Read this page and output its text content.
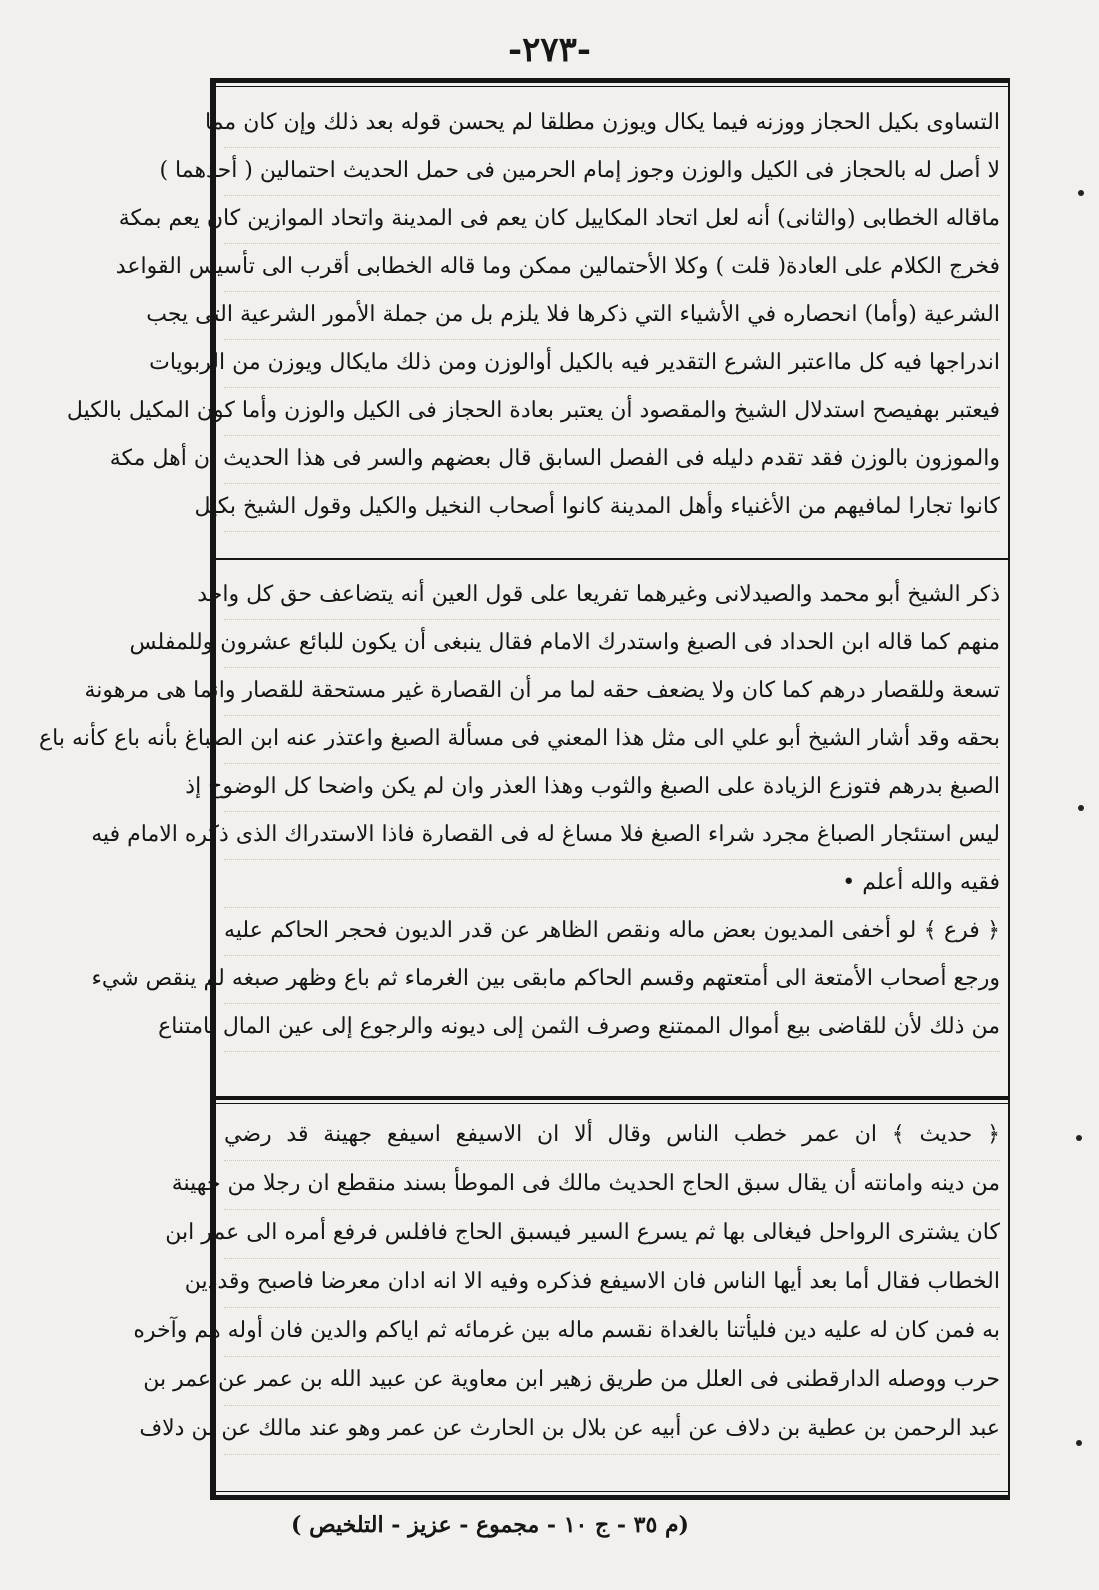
-٢٧٣-
التساوى بكيل الحجاز ووزنه فيما يكال ويوزن مطلقا لم يحسن قوله بعد ذلك وإن كان مما
لا أصل له بالحجاز فى الكيل والوزن وجوز إمام الحرمين فى حمل الحديث احتمالين ( أحدهما )
ماقاله الخطابى (والثانى) أنه لعل اتحاد المكاييل كان يعم فى المدينة واتحاد الموازين كان يعم بمكة
فخرج الكلام على العادة( قلت ) وكلا الأحتمالين ممكن وما قاله الخطابى أقرب الى تأسيس القواعد
الشرعية (وأما) انحصاره في الأشياء التي ذكرها فلا يلزم بل من جملة الأمور الشرعية التى يجب
اندراجها فيه كل مااعتبر الشرع التقدير فيه بالكيل أوالوزن ومن ذلك مايكال ويوزن من الربويات
فيعتبر بهفيصح استدلال الشيخ والمقصود أن يعتبر بعادة الحجاز فى الكيل والوزن وأما كون المكيل بالكيل
والموزون بالوزن فقد تقدم دليله فى الفصل السابق قال بعضهم والسر فى هذا الحديث أن أهل مكة
كانوا تجارا لمافيهم من الأغنياء وأهل المدينة كانوا أصحاب النخيل والكيل وقول الشيخ بكيل
ذكر الشيخ أبو محمد والصيدلانى وغيرهما تفريعا على قول العين أنه يتضاعف حق كل واحد
منهم كما قاله ابن الحداد فى الصبغ واستدرك الامام فقال ينبغى أن يكون للبائع عشرون وللمفلس
تسعة وللقصار درهم كما كان ولا يضعف حقه لما مر أن القصارة غير مستحقة للقصار وانما هى مرهونة
بحقه وقد أشار الشيخ أبو علي الى مثل هذا المعني فى مسألة الصبغ واعتذر عنه ابن الصباغ بأنه باع كأنه باع
الصبغ بدرهم فتوزع الزيادة على الصبغ والثوب وهذا العذر وان لم يكن واضحا كل الوضوح إذ
ليس استئجار الصباغ مجرد شراء الصبغ فلا مساغ له فى القصارة فاذا الاستدراك الذى ذكره الامام فيه
فقيه والله أعلم •
﴿ فرع ﴾ لو أخفى المديون بعض ماله ونقص الظاهر عن قدر الديون فحجر الحاكم عليه
ورجع أصحاب الأمتعة الى أمتعتهم وقسم الحاكم مابقى بين الغرماء ثم باع وظهر صبغه لم ينقص شيء
من ذلك لأن للقاضى بيع أموال الممتنع وصرف الثمن إلى ديونه والرجوع إلى عين المال بامتناع
﴿ حديث ﴾ ان عمر خطب الناس وقال ألا ان الاسيفع اسيفع جهينة قد رضي
من دينه وامانته أن يقال سبق الحاج الحديث مالك فى الموطأ بسند منقطع ان رجلا من جهينة
كان يشترى الرواحل فيغالى بها ثم يسرع السير فيسبق الحاج فافلس فرفع أمره الى عمر ابن
الخطاب فقال أما بعد أيها الناس فان الاسيفع فذكره وفيه الا انه ادان معرضا فاصبح وقددين
به فمن كان له عليه دين فليأتنا بالغداة نقسم ماله بين غرمائه ثم اياكم والدين فان أوله هم وآخره
حرب ووصله الدارقطنى فى العلل من طريق زهير ابن معاوية عن عبيد الله بن عمر عن عمر بن
عبد الرحمن بن عطية بن دلاف عن أبيه عن بلال بن الحارث عن عمر وهو عند مالك عن بن دلاف
(م ٣٥ - ج ١٠ - مجموع - عزيز - التلخيص )
